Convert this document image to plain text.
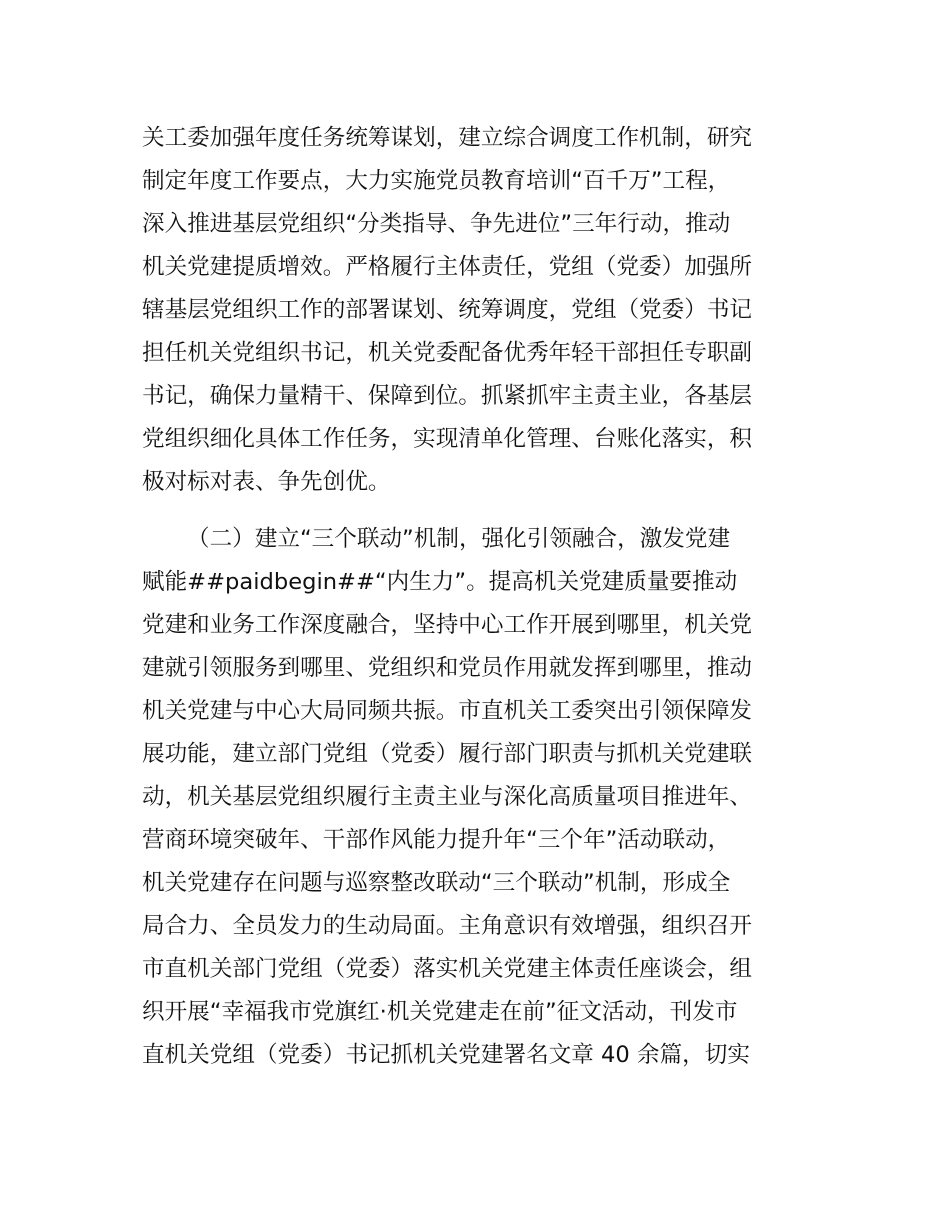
关工委加强年度任务统筹谋划，建立综合调度工作机制，研究
制定年度工作要点，大力实施党员教育培训“百千万”工程，
深入推进基层党组织“分类指导、争先进位”三年行动，推动
机关党建提质增效。严格履行主体责任，党组（党委）加强所
辖基层党组织工作的部署谋划、统筹调度，党组（党委）书记
担任机关党组织书记，机关党委配备优秀年轻干部担任专职副
书记，确保力量精干、保障到位。抓紧抓牢主责主业，各基层
党组织细化具体工作任务，实现清单化管理、台账化落实，积
极对标对表、争先创优。
（二）建立“三个联动”机制，强化引领融合，激发党建
赋能##paidbegin##“内生力”。提高机关党建质量要推动
党建和业务工作深度融合，坚持中心工作开展到哪里，机关党
建就引领服务到哪里、党组织和党员作用就发挥到哪里，推动
机关党建与中心大局同频共振。市直机关工委突出引领保障发
展功能，建立部门党组（党委）履行部门职责与抓机关党建联
动，机关基层党组织履行主责主业与深化高质量项目推进年、
营商环境突破年、干部作风能力提升年“三个年”活动联动，
机关党建存在问题与巡察整改联动“三个联动”机制，形成全
局合力、全员发力的生动局面。主角意识有效增强，组织召开
市直机关部门党组（党委）落实机关党建主体责任座谈会，组
织开展“幸福我市党旗红·机关党建走在前”征文活动，刊发市
直机关党组（党委）书记抓机关党建署名文章 40 余篇，切实
